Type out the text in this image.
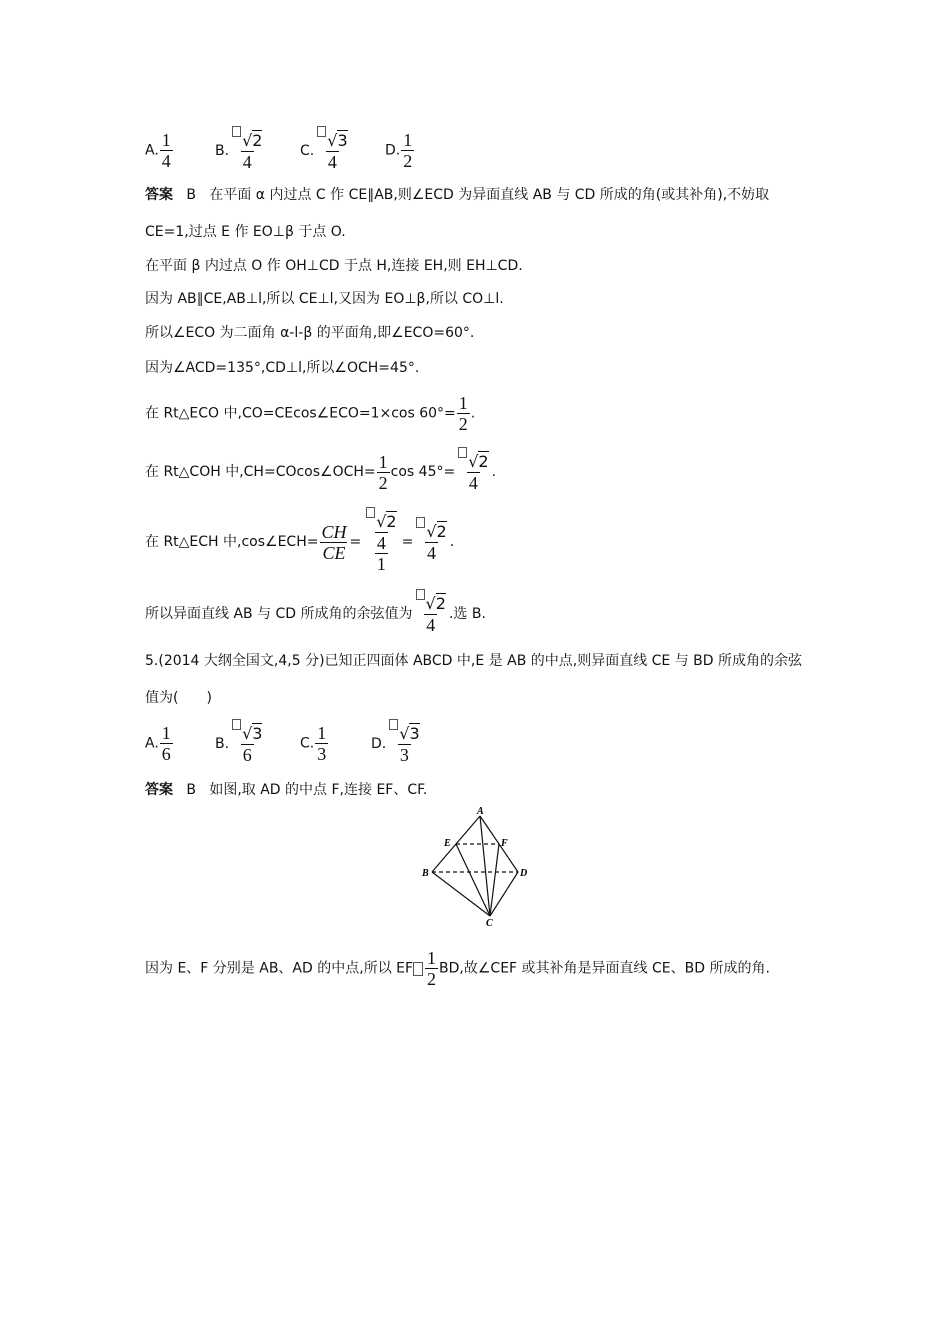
A. $\frac{1}{4}$	B. $\frac{√2}{4}$	C. $\frac{√3}{4}$	D. $\frac{1}{2}$
答案 B 在平面 α 内过点 C 作 CE∥AB,则∠ECD 为异面直线 AB 与 CD 所成的角(或其补角),不妨取
CE=1,过点 E 作 EO⊥β 于点 O.
在平面 β 内过点 O 作 OH⊥CD 于点 H,连接 EH,则 EH⊥CD.
因为 AB∥CE,AB⊥l,所以 CE⊥l,又因为 EO⊥β,所以 CO⊥l.
所以∠ECO 为二面角 α-l-β 的平面角,即∠ECO=60°.
因为∠ACD=135°,CD⊥l,所以∠OCH=45°.
在 Rt△ECO 中,CO=CEcos∠ECO=1×cos $60^\circ= \frac{1}{2}$ .
在 Rt△COH 中,CH=COcos∠OCH= $\frac{1}{2}$ $\cos 45^\circ= \frac{√2}{4}$ .
在 Rt△ECH 中,cos∠ECH= $\frac{CH}{CE} = \frac{\frac{√2}{4}}{1} = \frac{√2}{4}$ .
所以异面直线 AB 与 CD 所成角的余弦值为 $\frac{√2}{4}$ .选 B.
5.(2014 大纲全国文,4,5 分)已知正四面体 ABCD 中,E 是 AB 的中点,则异面直线 CE 与 BD 所成角的余弦
值为(　　)
A. $\frac{1}{6}$	B. $\frac{√3}{6}$	C. $\frac{1}{3}$	D. $\frac{√3}{3}$
答案 B 如图,取 AD 的中点 F,连接 EF、CF.
A
B
C
D
E	F
因为 E、F 分别是 AB、AD 的中点,所以 EF $\frac{1}{2}$ BD,故∠CEF 或其补角是异面直线 CE、BD 所成的角.
